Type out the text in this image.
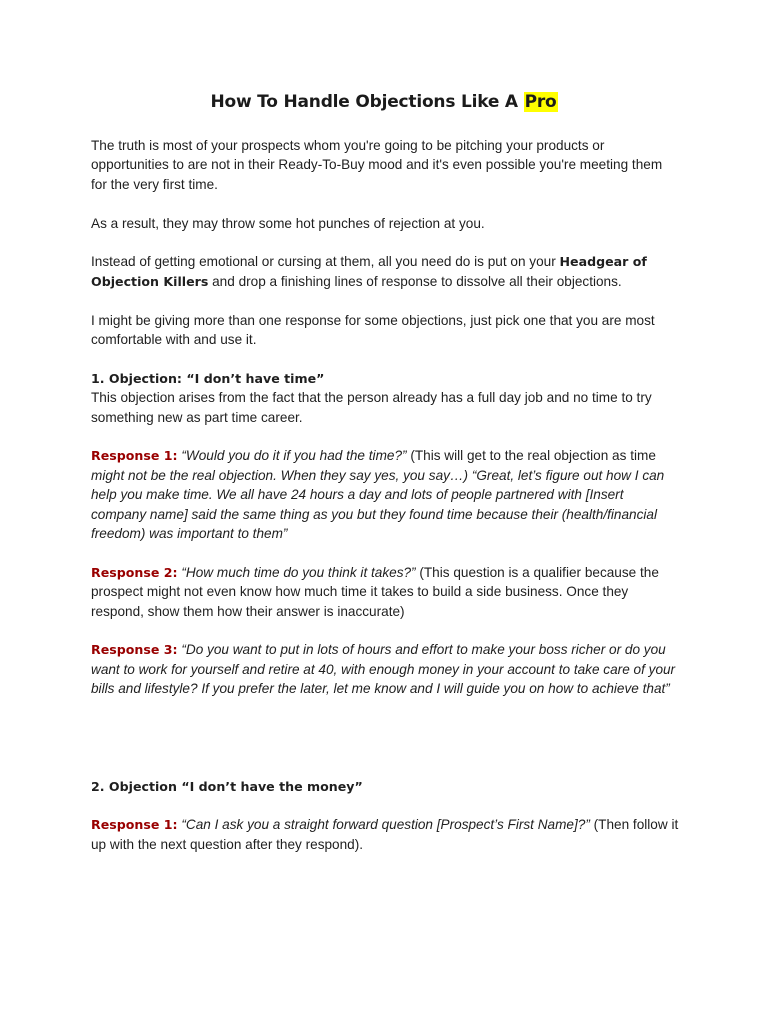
How To Handle Objections Like A Pro

The truth is most of your prospects whom you're going to be pitching your products or opportunities to are not in their Ready-To-Buy mood and it's even possible you're meeting them for the very first time.

As a result, they may throw some hot punches of rejection at you.

Instead of getting emotional or cursing at them, all you need do is put on your Headgear of Objection Killers and drop a finishing lines of response to dissolve all their objections.

I might be giving more than one response for some objections, just pick one that you are most comfortable with and use it.

1. Objection: “I don’t have time”

This objection arises from the fact that the person already has a full day job and no time to try something new as part time career.

Response 1: “Would you do it if you had the time?” (This will get to the real objection as time might not be the real objection. When they say yes, you say…) “Great, let’s figure out how I can help you make time. We all have 24 hours a day and lots of people partnered with [Insert company name] said the same thing as you but they found time because their (health/financial freedom) was important to them”

Response 2: “How much time do you think it takes?” (This question is a qualifier because the prospect might not even know how much time it takes to build a side business. Once they respond, show them how their answer is inaccurate)

Response 3: “Do you want to put in lots of hours and effort to make your boss richer or do you want to work for yourself and retire at 40, with enough money in your account to take care of your bills and lifestyle? If you prefer the later, let me know and I will guide you on how to achieve that”

2. Objection “I don’t have the money”

Response 1: “Can I ask you a straight forward question [Prospect’s First Name]?” (Then follow it up with the next question after they respond).
